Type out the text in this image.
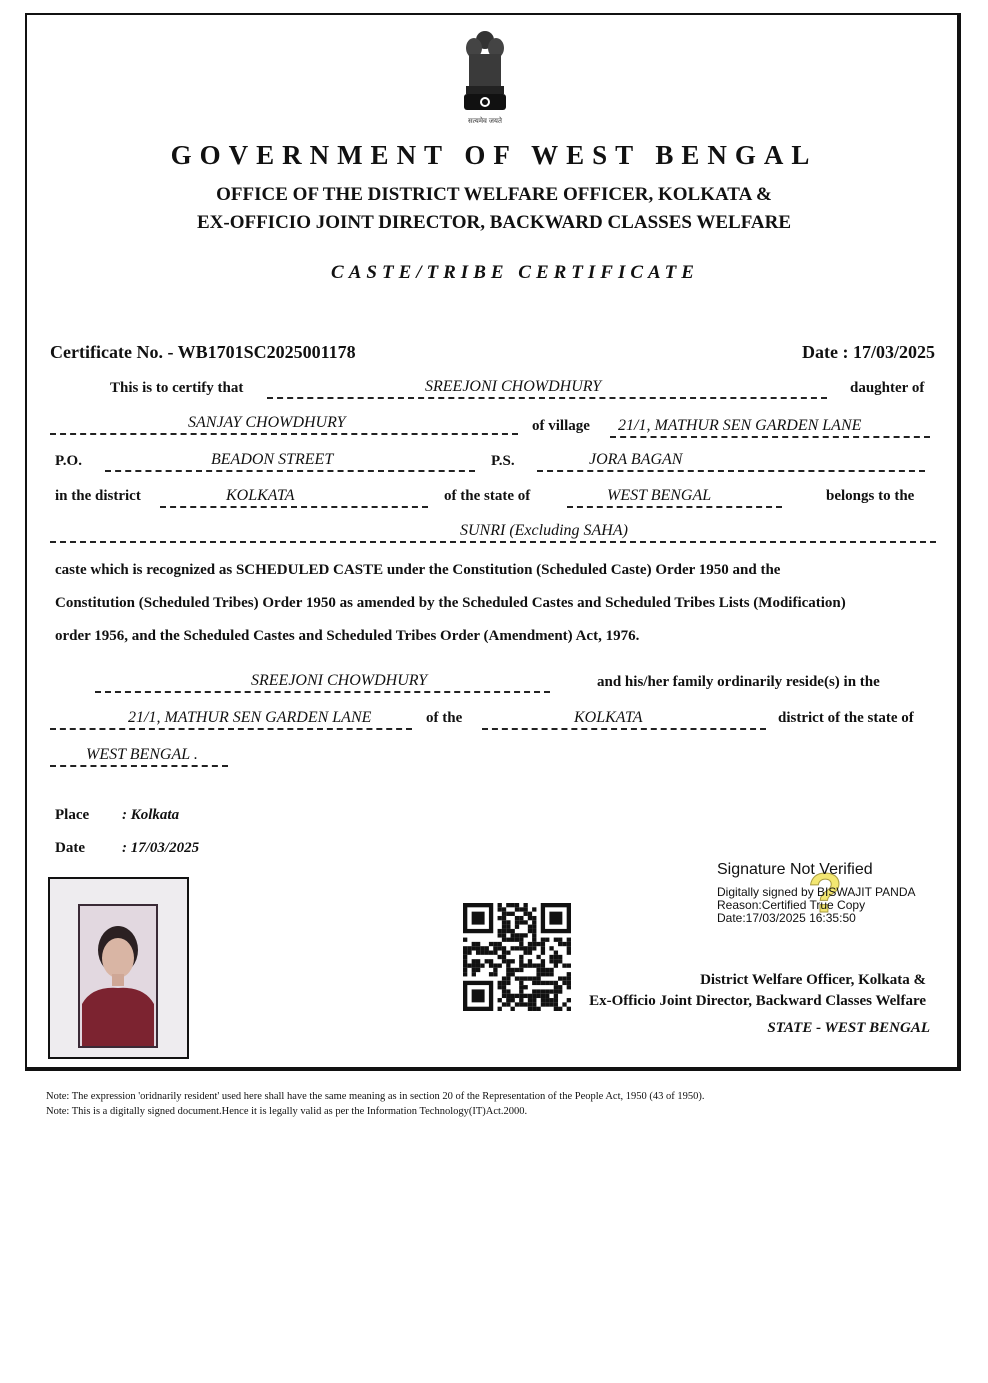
सत्यमेव जयते
GOVERNMENT OF WEST BENGAL
OFFICE OF THE DISTRICT WELFARE OFFICER, KOLKATA &
EX-OFFICIO JOINT DIRECTOR, BACKWARD CLASSES WELFARE
CASTE/TRIBE CERTIFICATE
Certificate No. - WB1701SC2025001178	Date : 17/03/2025
This is to certify that	SREEJONI CHOWDHURY	daughter of
SANJAY CHOWDHURY	of village	21/1, MATHUR SEN GARDEN LANE
P.O.	BEADON STREET	P.S.	JORA BAGAN
in the district	KOLKATA	of the state of	WEST BENGAL	belongs to the
SUNRI (Excluding SAHA)
caste which is recognized as SCHEDULED CASTE under the Constitution (Scheduled Caste) Order 1950 and the
Constitution (Scheduled Tribes) Order 1950 as amended by the Scheduled Castes and Scheduled Tribes Lists (Modification)
order 1956, and the Scheduled Castes and Scheduled Tribes Order (Amendment) Act, 1976.
SREEJONI CHOWDHURY	and his/her family ordinarily reside(s) in the
21/1, MATHUR SEN GARDEN LANE	of the	KOLKATA	district of the state of
WEST BENGAL .
Place : Kolkata
Date : 17/03/2025
?
Signature Not Verified
Digitally signed by BISWAJIT PANDA
Reason:Certified True Copy
Date:17/03/2025 16:35:50
District Welfare Officer, Kolkata &
Ex-Officio Joint Director, Backward Classes Welfare
STATE - WEST BENGAL
Note: The expression 'oridnarily resident' used here shall have the same meaning as in section 20 of the Representation of the People Act, 1950 (43 of 1950).
Note: This is a digitally signed document.Hence it is legally valid as per the Information Technology(IT)Act.2000.
